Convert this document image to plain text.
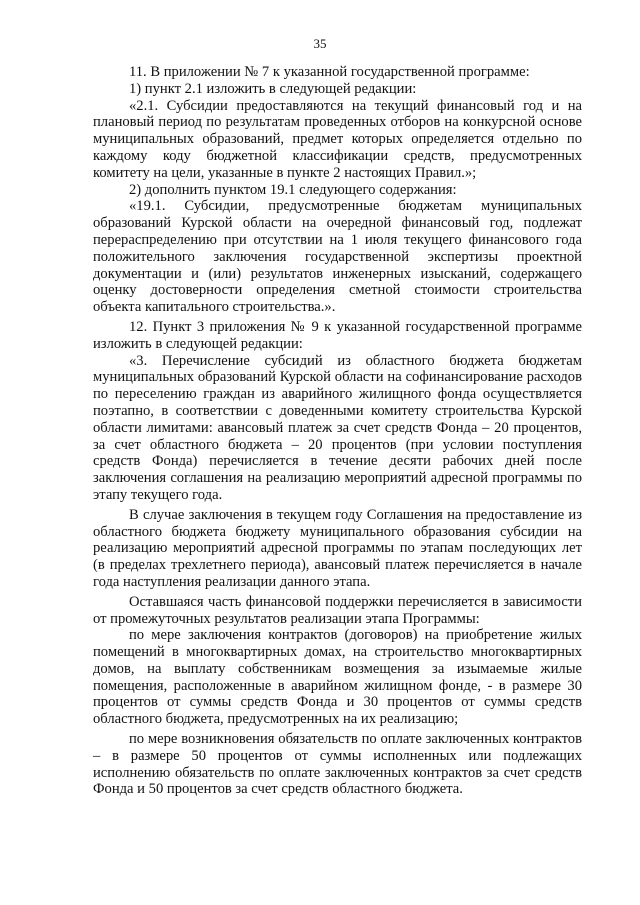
35

11. В приложении № 7 к указанной государственной программе:

1) пункт 2.1 изложить в следующей редакции:

«2.1. Субсидии предоставляются на текущий финансовый год и на плановый период по результатам проведенных отборов на конкурсной основе муниципальных образований, предмет которых определяется отдельно по каждому коду бюджетной классификации средств, предусмотренных комитету на цели, указанные в пункте 2 настоящих Правил.»;

2) дополнить пунктом 19.1 следующего содержания:

«19.1. Субсидии, предусмотренные бюджетам муниципальных образований Курской области на очередной финансовый год, подлежат перераспределению при отсутствии на 1 июля текущего финансового года положительного заключения государственной экспертизы проектной документации и (или) результатов инженерных изысканий, содержащего оценку достоверности определения сметной стоимости строительства объекта капитального строительства.».

12. Пункт 3 приложения № 9 к указанной государственной программе изложить в следующей редакции:

«3. Перечисление субсидий из областного бюджета бюджетам муниципальных образований Курской области на софинансирование расходов по переселению граждан из аварийного жилищного фонда осуществляется поэтапно, в соответствии с доведенными комитету строительства Курской области лимитами: авансовый платеж за счет средств Фонда – 20 процентов, за счет областного бюджета – 20 процентов (при условии поступления средств Фонда) перечисляется в течение десяти рабочих дней после заключения соглашения на реализацию мероприятий адресной программы по этапу текущего года.

В случае заключения в текущем году Соглашения на предоставление из областного бюджета бюджету муниципального образования субсидии на реализацию мероприятий адресной программы по этапам последующих лет (в пределах трехлетнего периода), авансовый платеж перечисляется в начале года наступления реализации данного этапа.

Оставшаяся часть финансовой поддержки перечисляется в зависимости от промежуточных результатов реализации этапа Программы:

по мере заключения контрактов (договоров) на приобретение жилых помещений в многоквартирных домах, на строительство многоквартирных домов, на выплату собственникам возмещения за изымаемые жилые помещения, расположенные в аварийном жилищном фонде, - в размере 30 процентов от суммы средств Фонда и 30 процентов от суммы средств областного бюджета, предусмотренных на их реализацию;

по мере возникновения обязательств по оплате заключенных контрактов – в размере 50 процентов от суммы исполненных или подлежащих исполнению обязательств по оплате заключенных контрактов за счет средств Фонда и 50 процентов за счет средств областного бюджета.
